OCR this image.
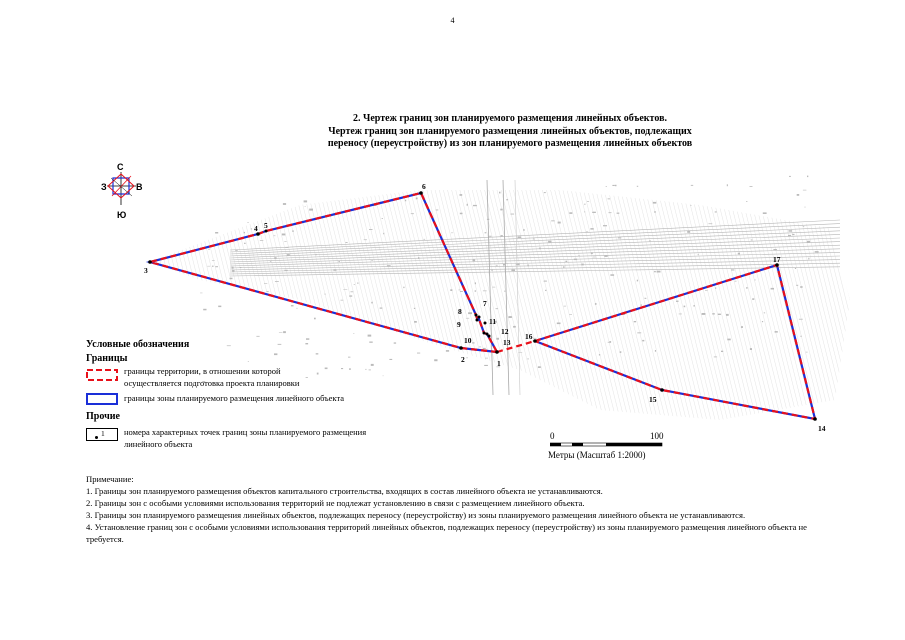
4
2. Чертеж границ зон планируемого размещения линейных объектов.
Чертеж границ зон планируемого размещения линейных объектов, подлежащих
переносу (переустройству) из зон планируемого размещения линейных объектов
1
2
3
4 5
6
7
8
9
10
11
12
13
14
15
16
17
С
Ю
З	В
Условные обозначения
Границы
границы территории, в отношении которой
осуществляется подготовка проекта планировки
границы зоны планируемого размещения линейного объекта
Прочие
1 номера характерных точек границ зоны планируемого размещения
линейного объекта
0	100
Метры (Масштаб 1:2000)
Примечание:
1. Границы зон планируемого размещения объектов капитального строительства, входящих в состав линейного объекта не устанавливаются.
2. Границы зон с особыми условиями использования территорий не подлежат установлению в связи с размещением линейного объекта.
3. Границы зон планируемого размещения линейных объектов, подлежащих переносу (переустройству) из зоны планируемого размещения линейного объекта не устанавливаются.
4. Установление границ зон с особыми условиями использования территорий линейных объектов, подлежащих переносу (переустройству) из зоны планируемого размещения линейного объекта не требуется.
